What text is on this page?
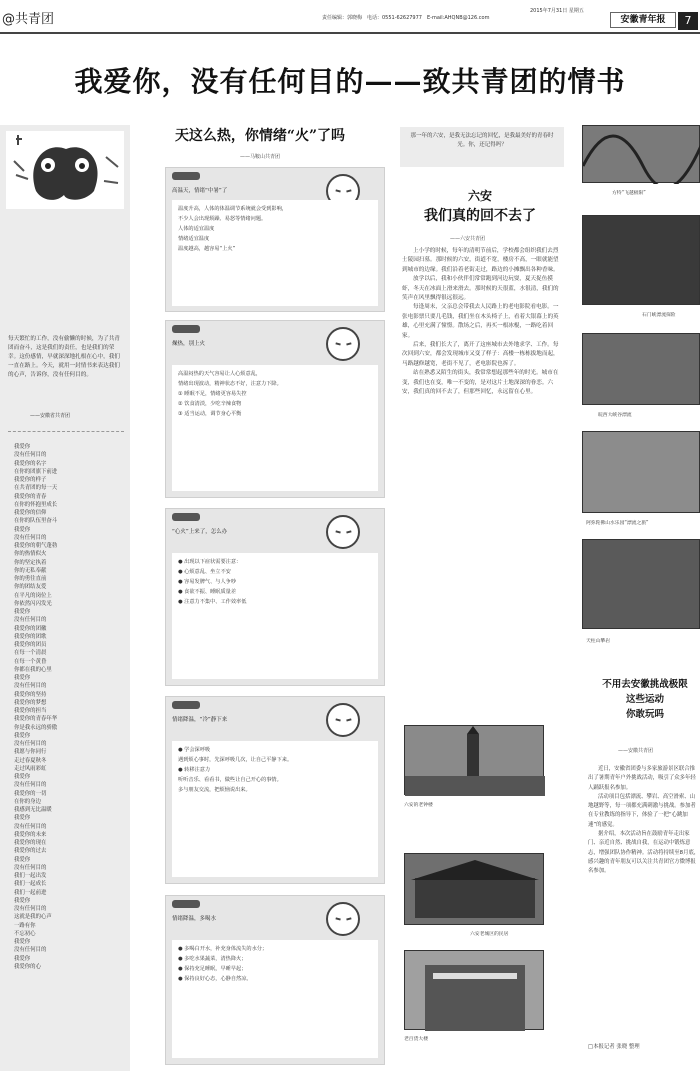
@共青团	责任编辑：郭晓梅　电话：0551-62627977　E-mail:AHQNB@126.com
2015年7月31日 星期五
安徽青年报	7
我爱你，没有任何目的——致共青团的情书
每天繁忙的工作，没有偷懒的时候，为了共青团而奋斗，这是我们的责任，也是我们的荣幸。这份感情，早就深深地扎根在心中，我们一直在路上。今天，就用一封情书来表达我们的心声，告诉你，没有任何目的。
——安徽省共青团
我爱你
没有任何目的
我爱你的名字
在你的团旗下前进
我爱你的样子
在共青团的每一天
我爱你的青春
在你的怀抱里成长
我爱你的信仰
在你的队伍里奋斗
我爱你
没有任何目的
我爱你的朝气蓬勃
你的热情似火
你的坚定执着
你的无私奉献
你的勇往直前
你的团结友爱
在平凡的岗位上
你依然闪闪发光
我爱你
没有任何目的
我爱你的团徽
我爱你的团歌
我爱你的团员
在每一个清晨
在每一个黄昏
你都在我的心里
我爱你
没有任何目的
我爱你的坚持
我爱你的梦想
我爱你的担当
我爱你的青春年华
你是我永远的骄傲
我爱你
没有任何目的
我愿与你同行
走过春夏秋冬
走过风雨彩虹
我爱你
没有任何目的
我爱你的一切
在你的身边
我感到无比温暖
我爱你
没有任何目的
我爱你的未来
我爱你的现在
我爱你的过去
我爱你
没有任何目的
我们一起出发
我们一起成长
我们一起前进
我爱你
没有任何目的
这就是我的心声
一路有你
不忘初心
我爱你
没有任何目的
我爱你
我爱你的心
天这么热，你情绪“火”了吗
——马鞍山共青团
高温天，情绪“中暑”了
温度升高，人体的体温调节系统就会受到影响，
不少人会出现烦躁、易怒等情绪问题。
人体的适宜温度
情绪适宜温度
温度越高，越容易“上火”
燥热，别上火
高温闷热的天气容易让人心烦意乱，
情绪出现波动，精神状态不好，注意力下降。
① 睡眠不足，情绪更容易失控
② 饮食清淡，少吃辛辣食物
③ 适当运动，调节身心平衡
“心火”上来了，怎么办
● 出现以下症状需要注意：
● 心烦意乱、坐立不安
● 容易发脾气、与人争吵
● 食欲不振、睡眠质量差
● 注意力不集中、工作效率低
情绪降温，“冷”静下来
● 学会深呼吸
遇到烦心事时，先深呼吸几次，让自己平静下来。
● 转移注意力
听听音乐、看看书，做些让自己开心的事情。
多与朋友交流，把烦恼说出来。
情绪降温，多喝水
● 多喝白开水，补充身体流失的水分；
● 多吃水果蔬菜，清热降火；
● 保持充足睡眠，早睡早起；
● 保持良好心态，心静自然凉。
那一年的六安，是我无法忘记的回忆，是我最美好的青春时光。你，还记得吗？
六安
我们真的回不去了
——六安共青团
上小学的时候，每年的清明节前后，学校都会组织我们去烈士陵园扫墓。那时候的六安，街道不宽，楼房不高，一眼就能望到城市的边缘。我们沿着老街走过，路边的小摊飘出各种香味。
放学以后，我和小伙伴们常常跑到河边玩耍，夏天捉鱼摸虾，冬天在冰面上滑来滑去。那时候的天很蓝，水很清，我们的笑声在风里飘得很远很远。
每逢周末，父亲总会带我去人民路上的老电影院看电影。一张电影票只要几毛钱，我们坐在木头椅子上，看着大银幕上的英雄，心里充满了憧憬。散场之后，再买一根冰棍，一路吃着回家。
后来，我们长大了，离开了这座城市去外地求学、工作。每次回到六安，都会发现城市又变了样子：高楼一栋栋拔地而起，马路越修越宽，老街不见了，老电影院也拆了。
站在熟悉又陌生的街头，我常常想起那些年的时光。城市在变，我们也在变，唯一不变的，是对这片土地深深的眷恋。六安，我们真的回不去了，但那些回忆，永远留在心里。
六安的老钟楼
六安老城区的民居
老百货大楼
方特“飞越极限”
石门峡漂流探险
皖西大峡谷漂流
阿弥陀佛山水乐园“漂流之旅”
天柱山攀岩
不用去安徽挑战极限
这些运动
你敢玩吗
——安徽共青团
近日，安徽省团委与多家旅游景区联合推出了暑期青年户外挑战活动，吸引了众多年轻人踊跃报名参加。
活动项目包括漂流、攀岩、高空滑索、山地越野等，每一项都充满刺激与挑战。参加者在专业教练的指导下，体验了一把“心跳加速”的感觉。
据介绍，本次活动旨在鼓励青年走出家门、亲近自然、挑战自我，在运动中锻炼意志，增强团队协作精神。活动将持续至8月底，感兴趣的青年朋友可以关注共青团官方微博报名参加。
□本报记者 张晓 整理
